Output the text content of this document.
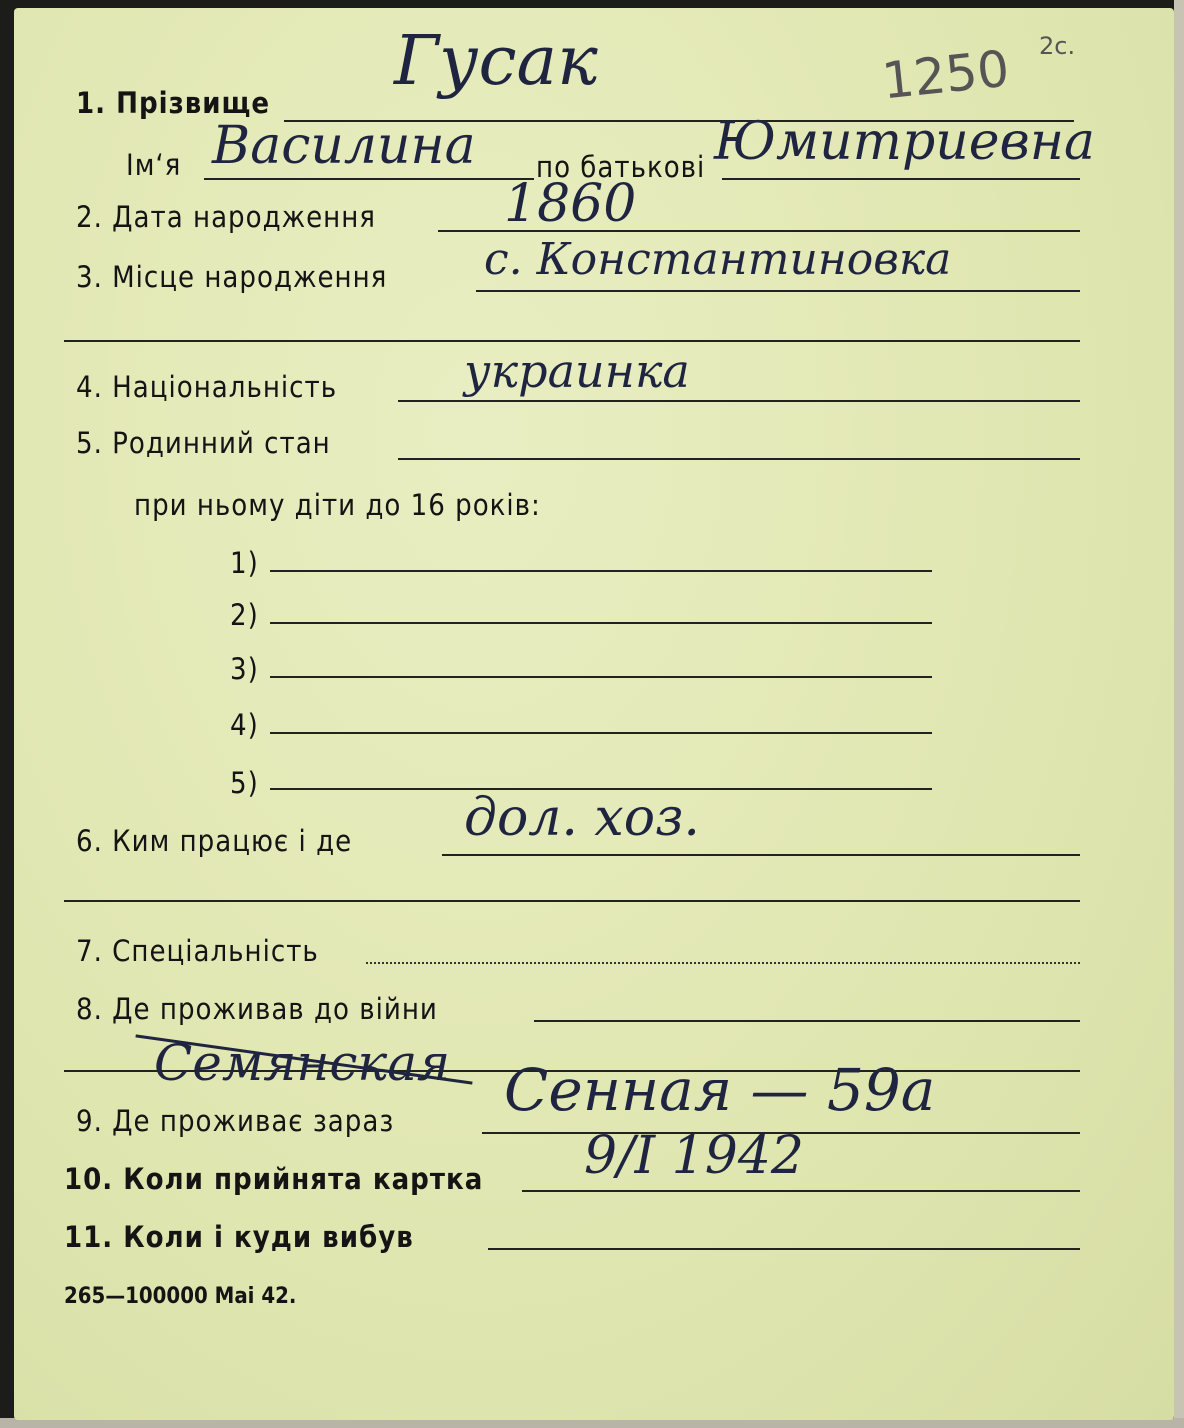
1250 2с.
1. Прізвище
Гусак
Ім‘я Василина по батькові Юмитриевна
2. Дата народження 1860
3. Місце народження с. Константиновка
4. Національність	украинка
5. Родинний стан
при ньому діти до 16 років:
1)
2)
3)
4)
5)
6. Ким працює і де дол. хоз.
7. Спеціальність
8. Де проживав до війни
Семянская
9. Де проживає зараз Сенная — 59а
10. Коли прийнята картка 9/I 1942
11. Коли і куди вибув
265—100000 Mai 42.
